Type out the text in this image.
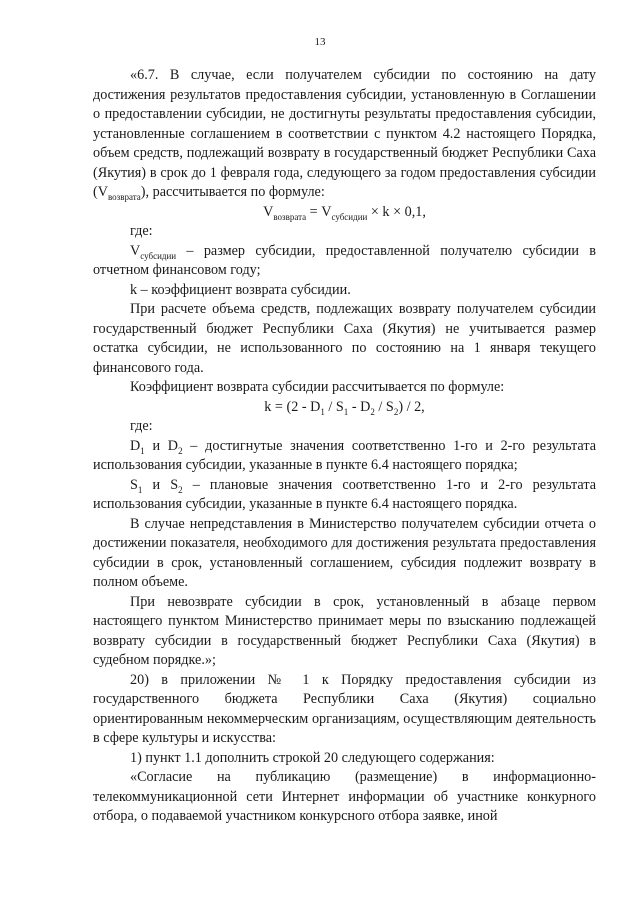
13

«6.7. В случае, если получателем субсидии по состоянию на дату достижения результатов предоставления субсидии, установленную в Соглашении о предоставлении субсидии, не достигнуты результаты предоставления субсидии, установленные соглашением в соответствии с пунктом 4.2 настоящего Порядка, объем средств, подлежащий возврату в государственный бюджет Республики Саха (Якутия) в срок до 1 февраля года, следующего за годом предоставления субсидии $(V_{возврата})$, рассчитывается по формуле:

$V_{возврата} = V_{субсидии} \times k \times 0,1$,

где:

$V_{субсидии}$ – размер субсидии, предоставленной получателю субсидии в отчетном финансовом году;

k – коэффициент возврата субсидии.

При расчете объема средств, подлежащих возврату получателем субсидии государственный бюджет Республики Саха (Якутия) не учитывается размер остатка субсидии, не использованного по состоянию на 1 января текущего финансового года.

Коэффициент возврата субсидии рассчитывается по формуле:

$k = (2 - D_1 / S_1 - D_2 / S_2) / 2$,

где:

$D_1$ и $D_2$ – достигнутые значения соответственно 1-го и 2-го результата использования субсидии, указанные в пункте 6.4 настоящего порядка;

$S_1$ и $S_2$ – плановые значения соответственно 1-го и 2-го результата использования субсидии, указанные в пункте 6.4 настоящего порядка.

В случае непредставления в Министерство получателем субсидии отчета о достижении показателя, необходимого для достижения результата предоставления субсидии в срок, установленный соглашением, субсидия подлежит возврату в полном объеме.

При невозврате субсидии в срок, установленный в абзаце первом настоящего пунктом Министерство принимает меры по взысканию подлежащей возврату субсидии в государственный бюджет Республики Саха (Якутия) в судебном порядке.»;

20) в приложении № 1 к Порядку предоставления субсидии из государственного бюджета Республики Саха (Якутия) социально ориентированным некоммерческим организациям, осуществляющим деятельность в сфере культуры и искусства:

1) пункт 1.1 дополнить строкой 20 следующего содержания:

«Согласие на публикацию (размещение) в информационно-телекоммуникационной сети Интернет информации об участнике конкурного отбора, о подаваемой участником конкурсного отбора заявке, иной
